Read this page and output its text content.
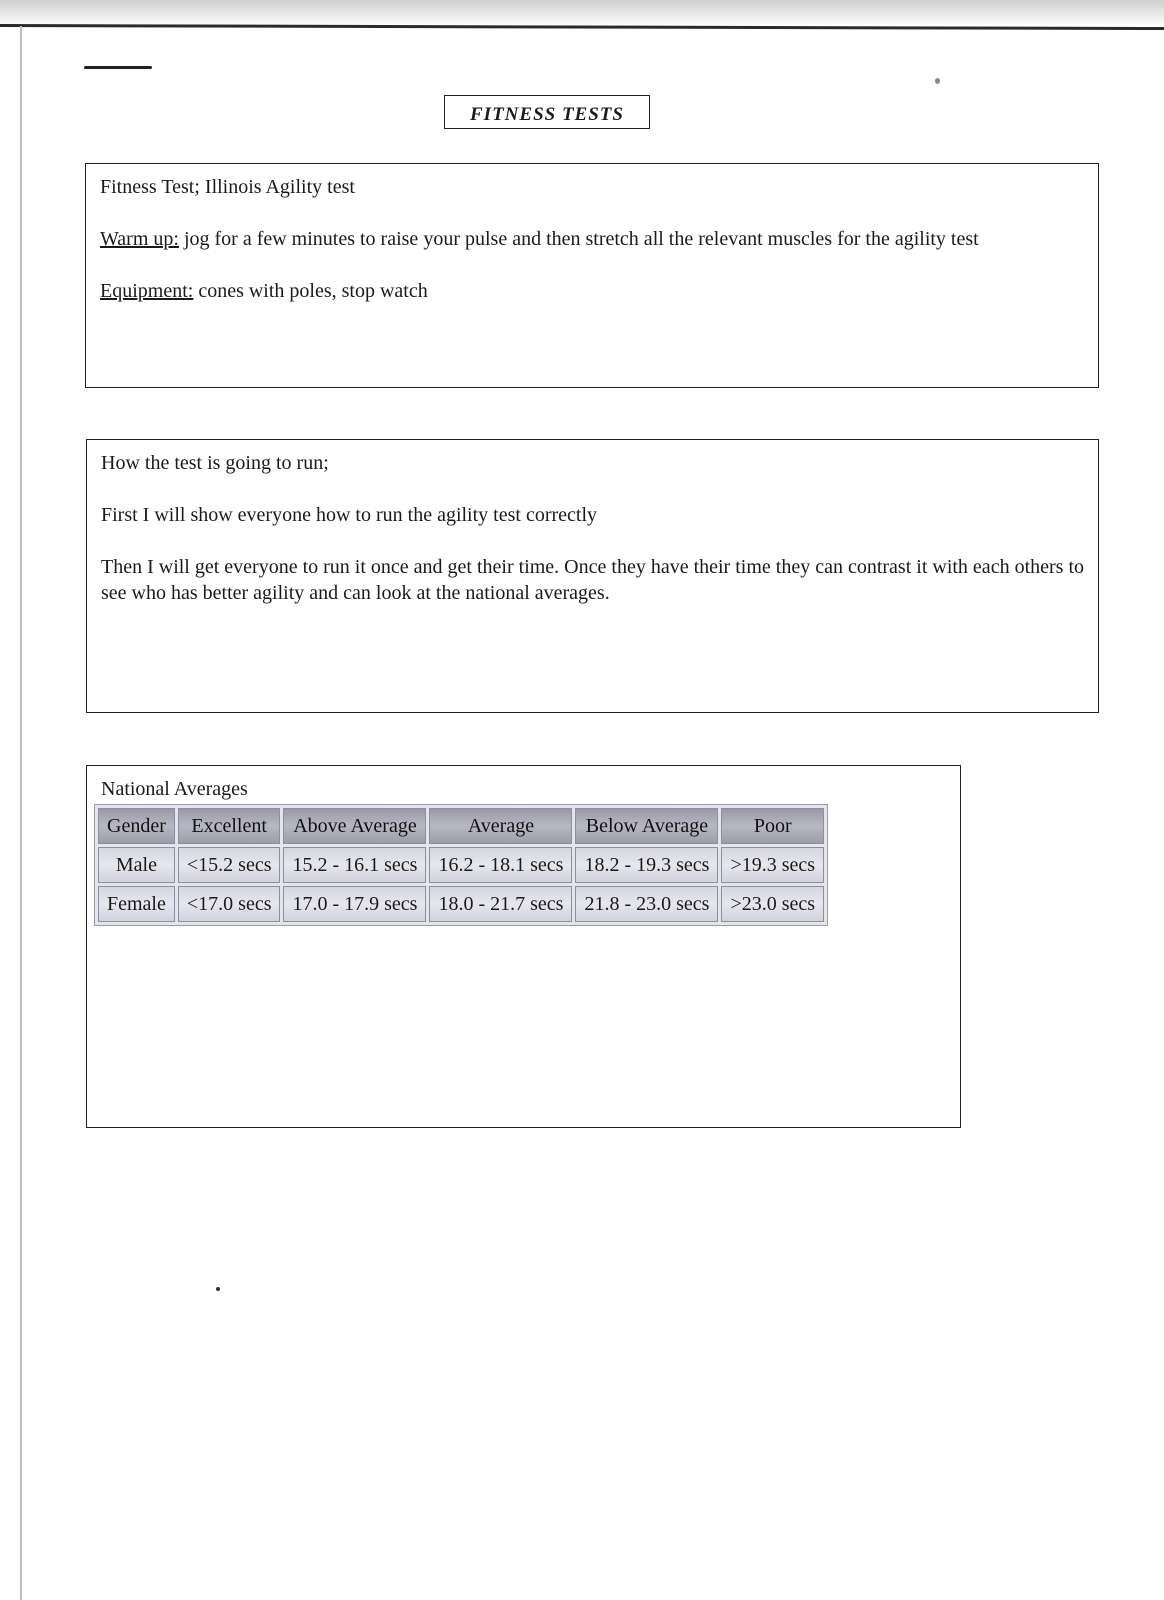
FITNESS TESTS

Fitness Test; Illinois Agility test

Warm up: jog for a few minutes to raise your pulse and then stretch all the relevant muscles for the agility test

Equipment: cones with poles, stop watch

How the test is going to run;

First I will show everyone how to run the agility test correctly

Then I will get everyone to run it once and get their time. Once they have their time they can contrast it with each others to see who has better agility and can look at the national averages.

National Averages
Gender	Excellent	Above Average	Average	Below Average	Poor
Male	<15.2 secs	15.2 - 16.1 secs	16.2 - 18.1 secs	18.2 - 19.3 secs	>19.3 secs
Female	<17.0 secs	17.0 - 17.9 secs	18.0 - 21.7 secs	21.8 - 23.0 secs	>23.0 secs
